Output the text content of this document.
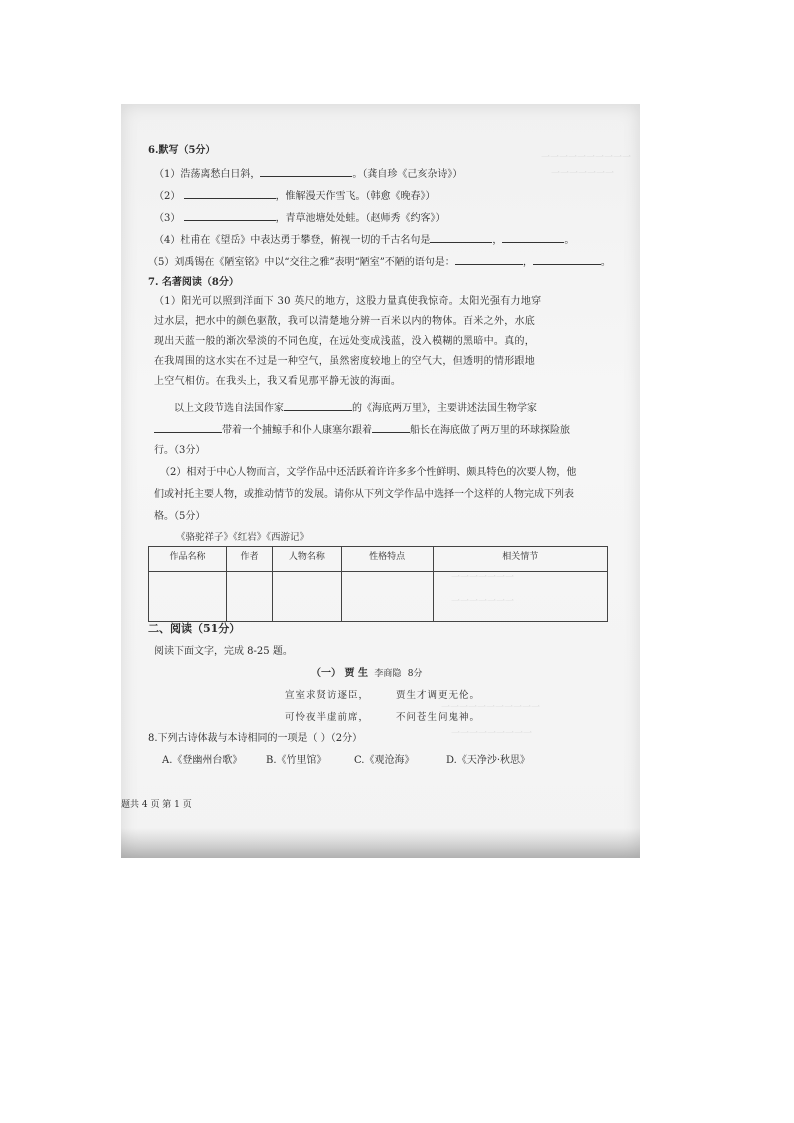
一一一一一一一一一一
一一一一一一一
一一一一一一一
一一一一一一一
一一一一一一一一一一一
一一一一一一一一一
6.默写（5分）
（1）浩荡离愁白日斜，	。（龚自珍《己亥杂诗》）
（2）	，惟解漫天作雪飞。（韩愈《晚春》）
（3）	，青草池塘处处蛙。（赵师秀《约客》）
（4）杜甫在《望岳》中表达勇于攀登，俯视一切的千古名句是	，	。
（5）刘禹锡在《陋室铭》中以“交往之雅”表明“陋室”不陋的语句是：	，	。
7. 名著阅读（8分）
（1）阳光可以照到洋面下 30 英尺的地方，这股力量真使我惊奇。太阳光强有力地穿
过水层，把水中的颜色驱散，我可以清楚地分辨一百米以内的物体。百米之外，水底
现出天蓝一般的渐次晕淡的不同色度，在远处变成浅蓝，没入模糊的黑暗中。真的，
在我周围的这水实在不过是一种空气，虽然密度较地上的空气大，但透明的情形跟地
上空气相仿。在我头上，我又看见那平静无波的海面。
以上文段节选自法国作家	的《海底两万里》，主要讲述法国生物学家
带着一个捕鲸手和仆人康塞尔跟着	船长在海底做了两万里的环球探险旅
行。（3分）
（2）相对于中心人物而言，文学作品中还活跃着许许多多个性鲜明、颇具特色的次要人物，他
们或衬托主要人物，或推动情节的发展。请你从下列文学作品中选择一个这样的人物完成下列表
格。（5分）
《骆驼祥子》《红岩》《西游记》
作品名称	作者	人物名称	性格特点	相关情节

二、阅读（51分）
阅读下面文字，完成 8-25 题。
（一） 贾 生 李商隐 8分
宣室求贤访逐臣，	贾生才调更无伦。
可怜夜半虚前席，	不问苍生问鬼神。
8.下列古诗体裁与本诗相同的一项是（ ）（2分）
A.《登幽州台歌》 B.《竹里馆》	C.《观沧海》	D.《天净沙·秋思》
题共 4 页 第 1 页
